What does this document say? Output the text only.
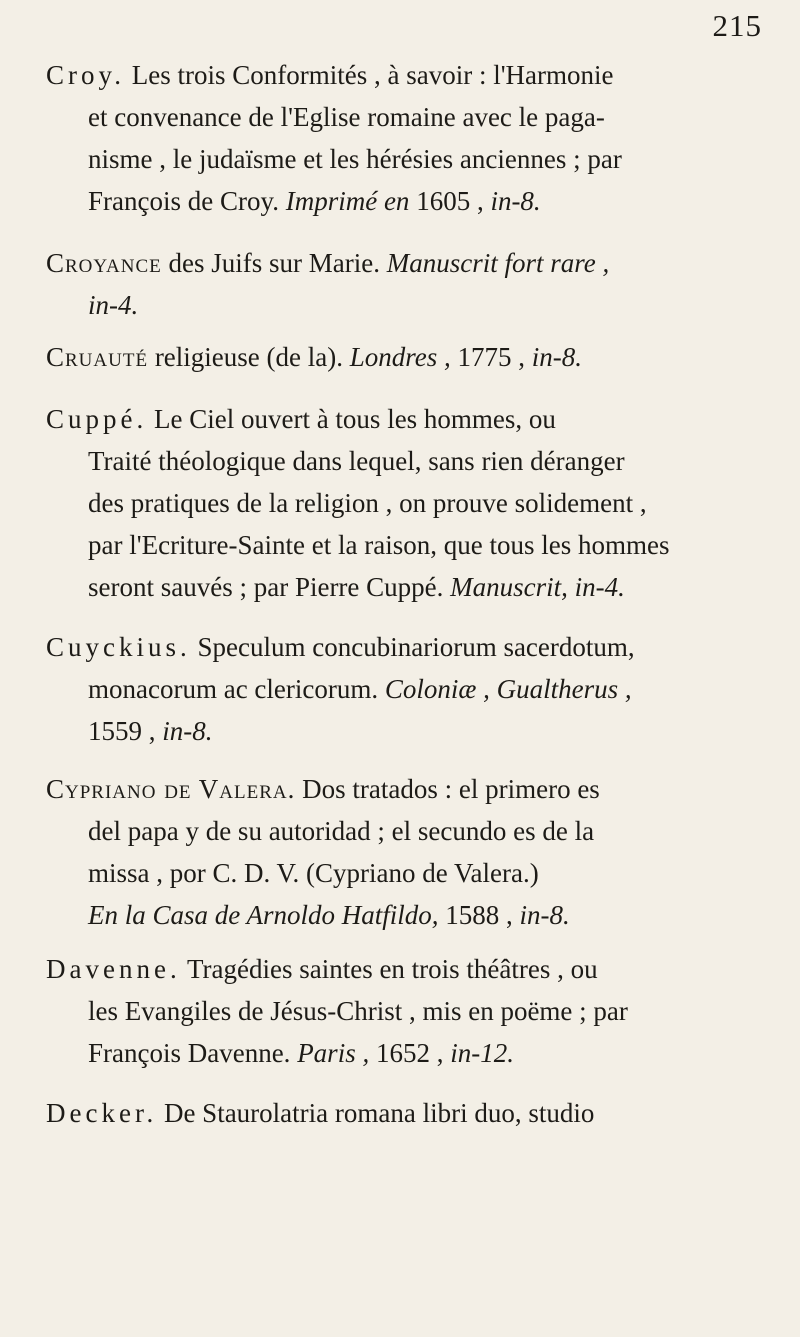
215
Croy. Les trois Conformités , à savoir : l'Harmonie
et convenance de l'Eglise romaine avec le paga-
nisme , le judaïsme et les hérésies anciennes ; par
François de Croy. Imprimé en 1605 , in-8.
Croyance des Juifs sur Marie. Manuscrit fort rare ,
in-4.
Cruauté religieuse (de la). Londres , 1775 , in-8.
Cuppé. Le Ciel ouvert à tous les hommes, ou
Traité théologique dans lequel, sans rien déranger
des pratiques de la religion , on prouve solidement ,
par l'Ecriture-Sainte et la raison, que tous les hommes
seront sauvés ; par Pierre Cuppé. Manuscrit, in-4.
Cuyckius. Speculum concubinariorum sacerdotum,
monacorum ac clericorum. Coloniæ , Gualtherus ,
1559 , in-8.
Cypriano de Valera. Dos tratados : el primero es
del papa y de su autoridad ; el secundo es de la
missa , por C. D. V. (Cypriano de Valera.)
En la Casa de Arnoldo Hatfildo, 1588 , in-8.
Davenne. Tragédies saintes en trois théâtres , ou
les Evangiles de Jésus-Christ , mis en poëme ; par
François Davenne. Paris , 1652 , in-12.
Decker. De Staurolatria romana libri duo, studio
